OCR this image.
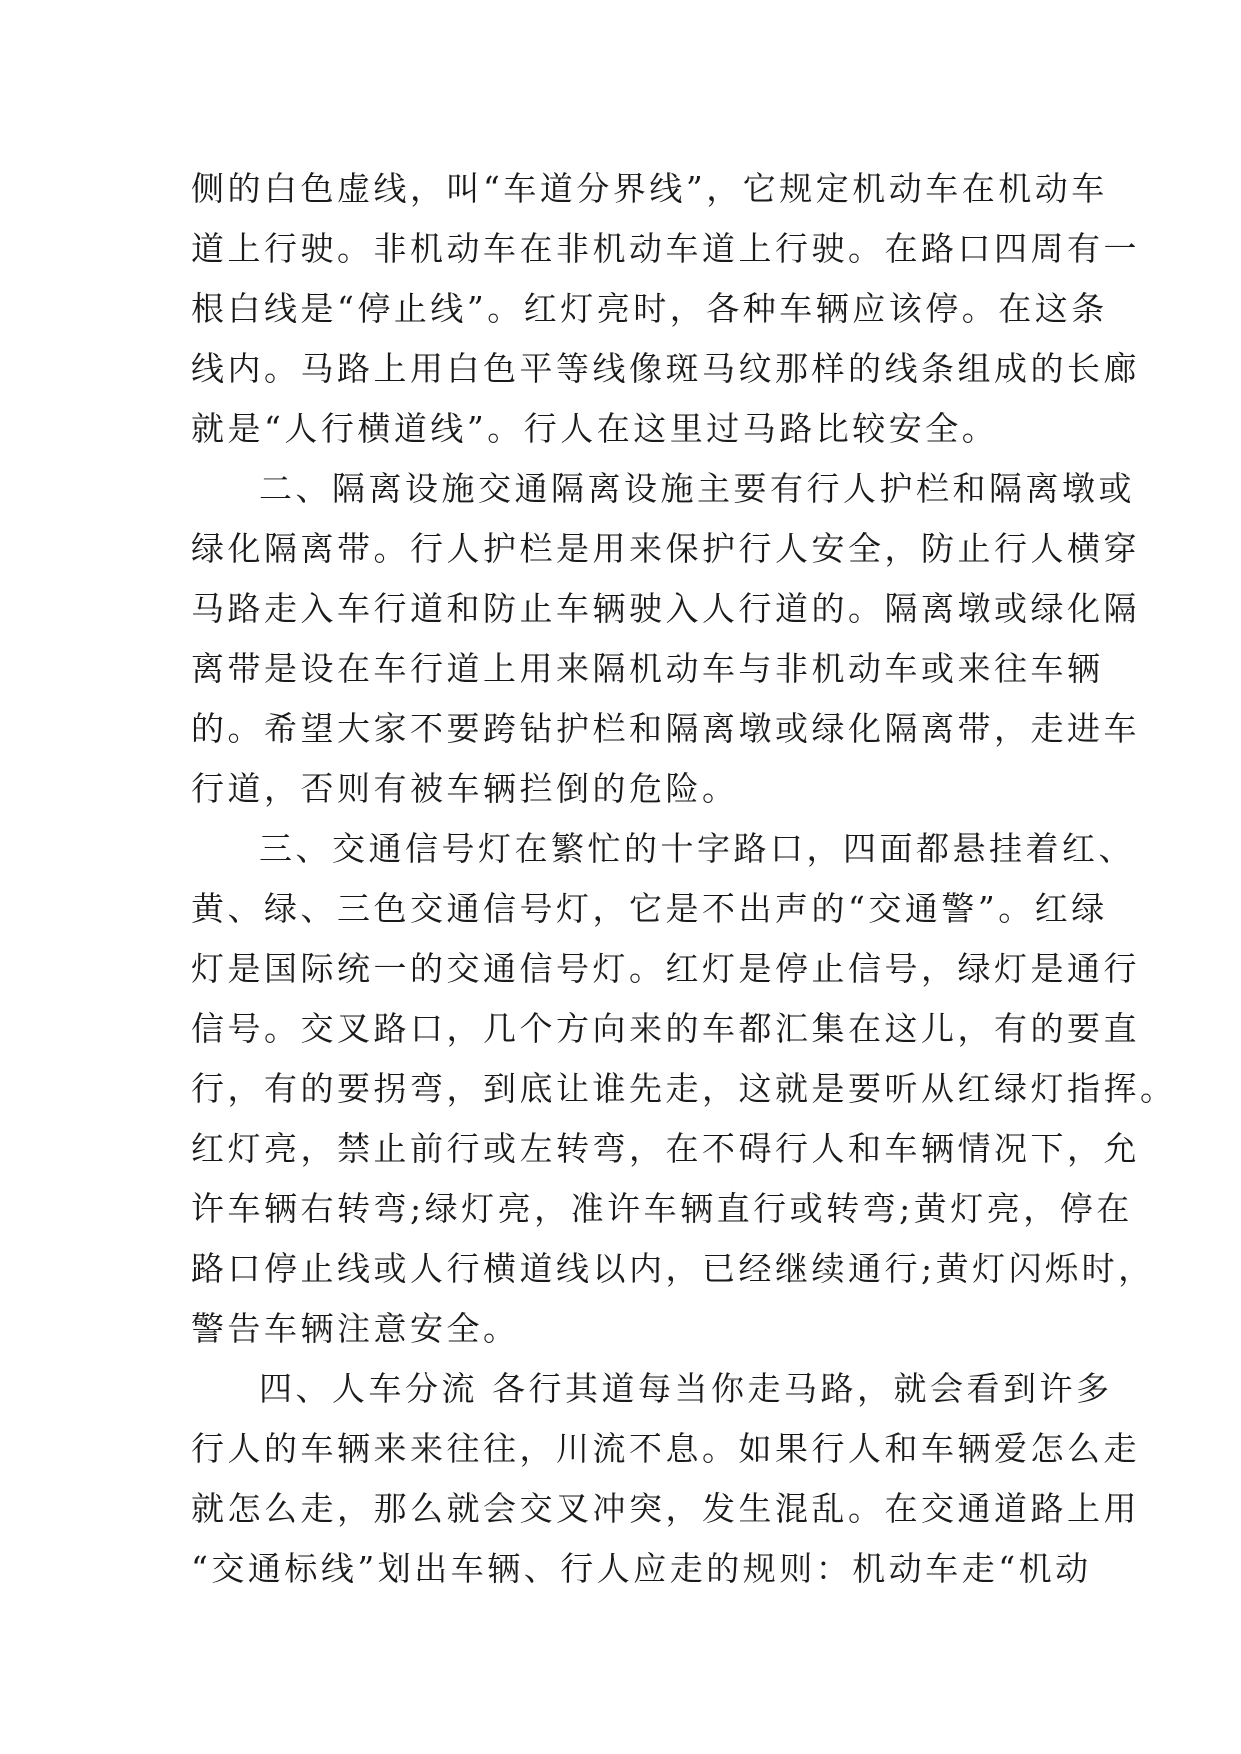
侧的白色虚线，叫“车道分界线”，它规定机动车在机动车
道上行驶。非机动车在非机动车道上行驶。在路口四周有一
根白线是“停止线”。红灯亮时，各种车辆应该停。在这条
线内。马路上用白色平等线像斑马纹那样的线条组成的长廊
就是“人行横道线”。行人在这里过马路比较安全。
二、隔离设施交通隔离设施主要有行人护栏和隔离墩或
绿化隔离带。行人护栏是用来保护行人安全，防止行人横穿
马路走入车行道和防止车辆驶入人行道的。隔离墩或绿化隔
离带是设在车行道上用来隔机动车与非机动车或来往车辆
的。希望大家不要跨钻护栏和隔离墩或绿化隔离带，走进车
行道，否则有被车辆拦倒的危险。
三、交通信号灯在繁忙的十字路口，四面都悬挂着红、
黄、绿、三色交通信号灯，它是不出声的“交通警”。红绿
灯是国际统一的交通信号灯。红灯是停止信号，绿灯是通行
信号。交叉路口，几个方向来的车都汇集在这儿，有的要直
行，有的要拐弯，到底让谁先走，这就是要听从红绿灯指挥。
红灯亮，禁止前行或左转弯，在不碍行人和车辆情况下，允
许车辆右转弯;绿灯亮，准许车辆直行或转弯;黄灯亮，停在
路口停止线或人行横道线以内，已经继续通行;黄灯闪烁时，
警告车辆注意安全。
四、人车分流 各行其道每当你走马路，就会看到许多
行人的车辆来来往往，川流不息。如果行人和车辆爱怎么走
就怎么走，那么就会交叉冲突，发生混乱。在交通道路上用
“交通标线”划出车辆、行人应走的规则：机动车走“机动
